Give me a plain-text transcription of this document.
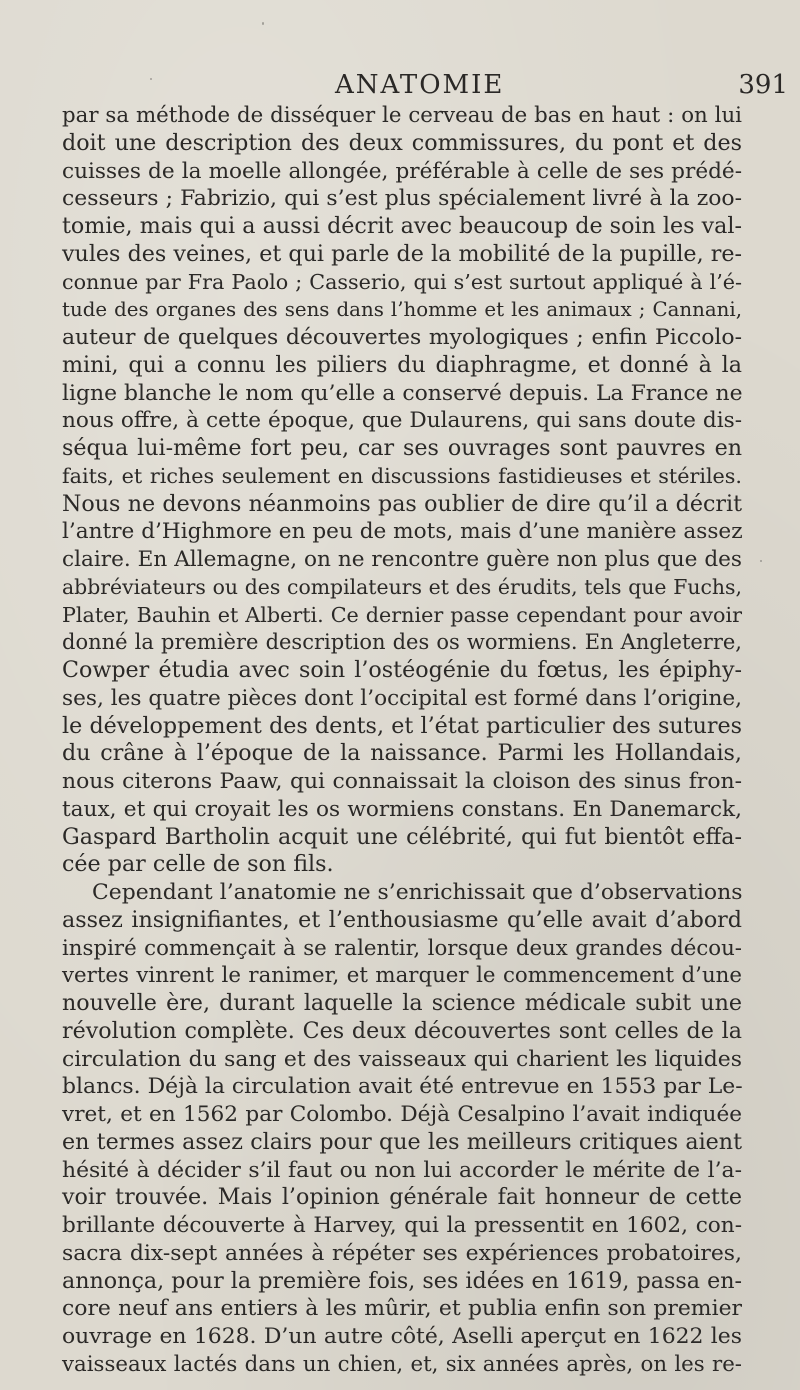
ANATOMIE	391
par sa méthode de disséquer le cerveau de bas en haut : on lui
doit une description des deux commissures, du pont et des
cuisses de la moelle allongée, préférable à celle de ses prédé-
cesseurs ; Fabrizio, qui s’est plus spécialement livré à la zoo-
tomie, mais qui a aussi décrit avec beaucoup de soin les val-
vules des veines, et qui parle de la mobilité de la pupille, re-
connue par Fra Paolo ; Casserio, qui s’est surtout appliqué à l’é-
tude des organes des sens dans l’homme et les animaux ; Cannani,
auteur de quelques découvertes myologiques ; enfin Piccolo-
mini, qui a connu les piliers du diaphragme, et donné à la
ligne blanche le nom qu’elle a conservé depuis. La France ne
nous offre, à cette époque, que Dulaurens, qui sans doute dis-
séqua lui-même fort peu, car ses ouvrages sont pauvres en
faits, et riches seulement en discussions fastidieuses et stériles.
Nous ne devons néanmoins pas oublier de dire qu’il a décrit
l’antre d’Highmore en peu de mots, mais d’une manière assez
claire. En Allemagne, on ne rencontre guère non plus que des
abbréviateurs ou des compilateurs et des érudits, tels que Fuchs,
Plater, Bauhin et Alberti. Ce dernier passe cependant pour avoir
donné la première description des os wormiens. En Angleterre,
Cowper étudia avec soin l’ostéogénie du fœtus, les épiphy-
ses, les quatre pièces dont l’occipital est formé dans l’origine,
le développement des dents, et l’état particulier des sutures
du crâne à l’époque de la naissance. Parmi les Hollandais,
nous citerons Paaw, qui connaissait la cloison des sinus fron-
taux, et qui croyait les os wormiens constans. En Danemarck,
Gaspard Bartholin acquit une célébrité, qui fut bientôt effa-
cée par celle de son fils.
Cependant l’anatomie ne s’enrichissait que d’observations
assez insignifiantes, et l’enthousiasme qu’elle avait d’abord
inspiré commençait à se ralentir, lorsque deux grandes décou-
vertes vinrent le ranimer, et marquer le commencement d’une
nouvelle ère, durant laquelle la science médicale subit une
révolution complète. Ces deux découvertes sont celles de la
circulation du sang et des vaisseaux qui charient les liquides
blancs. Déjà la circulation avait été entrevue en 1553 par Le-
vret, et en 1562 par Colombo. Déjà Cesalpino l’avait indiquée
en termes assez clairs pour que les meilleurs critiques aient
hésité à décider s’il faut ou non lui accorder le mérite de l’a-
voir trouvée. Mais l’opinion générale fait honneur de cette
brillante découverte à Harvey, qui la pressentit en 1602, con-
sacra dix-sept années à répéter ses expériences probatoires,
annonça, pour la première fois, ses idées en 1619, passa en-
core neuf ans entiers à les mûrir, et publia enfin son premier
ouvrage en 1628. D’un autre côté, Aselli aperçut en 1622 les
vaisseaux lactés dans un chien, et, six années après, on les re-
